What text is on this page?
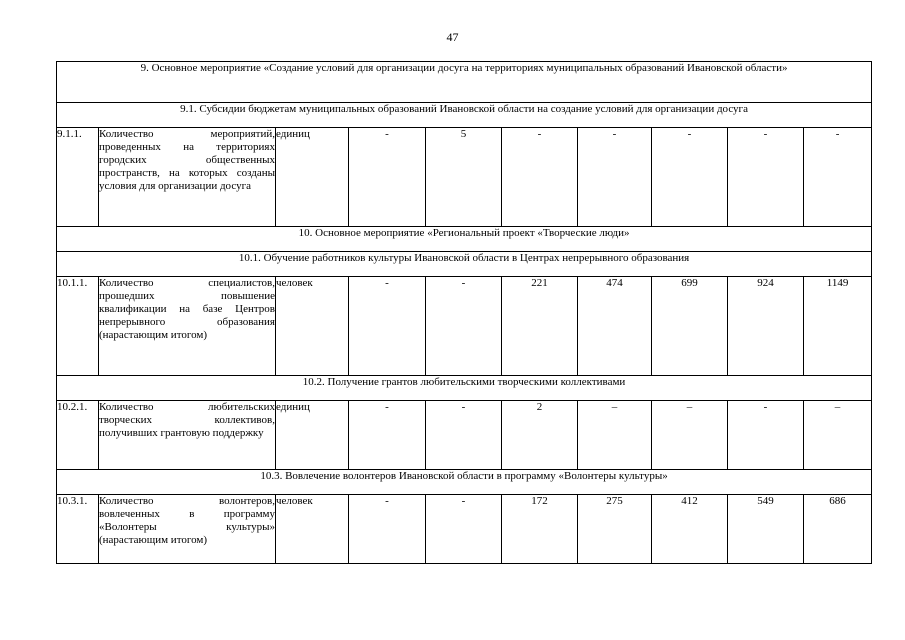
47
9. Основное мероприятие «Создание условий для организации досуга на территориях муниципальных образований Ивановской области»									
9.1. Субсидии бюджетам муниципальных образований Ивановской области на создание условий для организации досуга									
9.1.1.	Количество мероприятий, проведенных на территориях городских общественных пространств, на которых созданы условия для организации досуга	единиц	-	5	-	-	-	-	-
10. Основное мероприятие «Региональный проект «Творческие люди»									
10.1. Обучение работников культуры Ивановской области в Центрах непрерывного образования									
10.1.1.	Количество специалистов, прошедших повышение квалификации на базе Центров непрерывного образования (нарастающим итогом)	человек	-	-	221	474	699	924	1149
10.2. Получение грантов любительскими творческими коллективами									
10.2.1.	Количество любительских творческих коллективов, получивших грантовую поддержку	единиц	-	-	2	–	–	-	–
10.3. Вовлечение волонтеров Ивановской области в программу «Волонтеры культуры»									
10.3.1.	Количество волонтеров, вовлеченных в программу «Волонтеры культуры» (нарастающим итогом)	человек	-	-	172	275	412	549	686
